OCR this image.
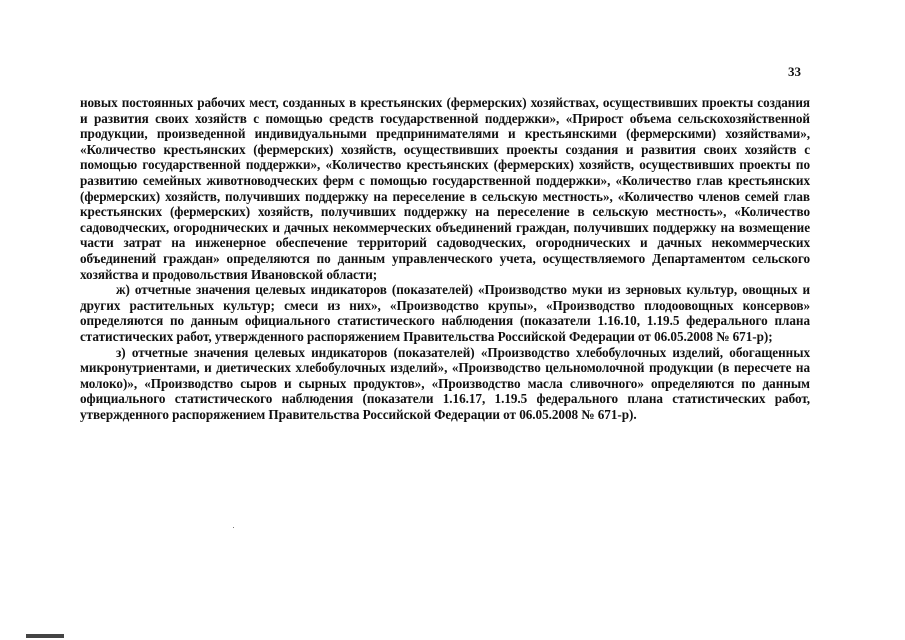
33

новых постоянных рабочих мест, созданных в крестьянских (фермерских) хозяйствах, осуществивших проекты создания и развития своих хозяйств с помощью средств государственной поддержки», «Прирост объема сельскохозяйственной продукции, произведенной индивидуальными предпринимателями и крестьянскими (фермерскими) хозяйствами», «Количество крестьянских (фермерских) хозяйств, осуществивших проекты создания и развития своих хозяйств с помощью государственной поддержки», «Количество крестьянских (фермерских) хозяйств, осуществивших проекты по развитию семейных животноводческих ферм с помощью государственной поддержки», «Количество глав крестьянских (фермерских) хозяйств, получивших поддержку на переселение в сельскую местность», «Количество членов семей глав крестьянских (фермерских) хозяйств, получивших поддержку на переселение в сельскую местность», «Количество садоводческих, огороднических и дачных некоммерческих объединений граждан, получивших поддержку на возмещение части затрат на инженерное обеспечение территорий садоводческих, огороднических и дачных некоммерческих объединений граждан» определяются по данным управленческого учета, осуществляемого Департаментом сельского хозяйства и продовольствия Ивановской области;

ж) отчетные значения целевых индикаторов (показателей) «Производство муки из зерновых культур, овощных и других растительных культур; смеси из них», «Производство крупы», «Производство плодоовощных консервов» определяются по данным официального статистического наблюдения (показатели 1.16.10, 1.19.5 федерального плана статистических работ, утвержденного распоряжением Правительства Российской Федерации от 06.05.2008 № 671-р);

з) отчетные значения целевых индикаторов (показателей) «Производство хлебобулочных изделий, обогащенных микронутриентами, и диетических хлебобулочных изделий», «Производство цельномолочной продукции (в пересчете на молоко)», «Производство сыров и сырных продуктов», «Производство масла сливочного» определяются по данным официального статистического наблюдения (показатели 1.16.17, 1.19.5 федерального плана статистических работ, утвержденного распоряжением Правительства Российской Федерации от 06.05.2008 № 671-р).
